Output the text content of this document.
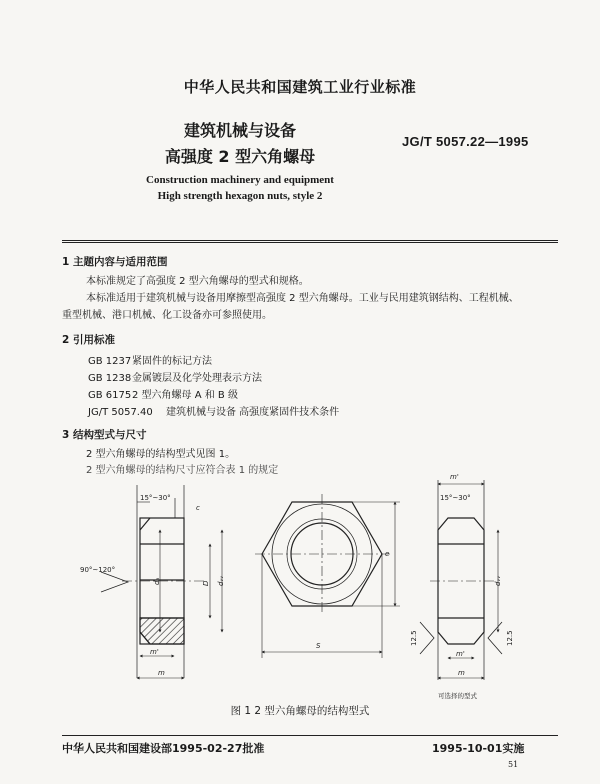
中华人民共和国建筑工业行业标准
建筑机械与设备
高强度 2 型六角螺母
JG/T 5057.22—1995
Construction machinery and equipment
High strength hexagon nuts, style 2
1 主题内容与适用范围
本标准规定了高强度 2 型六角螺母的型式和规格。
本标准适用于建筑机械与设备用摩擦型高强度 2 型六角螺母。工业与民用建筑钢结构、工程机械、
重型机械、港口机械、化工设备亦可参照使用。
2 引用标准
GB 1237紧固件的标记方法
GB 1238金属镀层及化学处理表示方法
GB 61752 型六角螺母 A 和 B 级
JG/T 5057.40 建筑机械与设备 高强度紧固件技术条件
3 结构型式与尺寸
2 型六角螺母的结构型式见图 1。
2 型六角螺母的结构尺寸应符合表 1 的规定
15°~30°
c
90°~120°
dₐ	D dᵥᵥ
m'
m
S
e
m'
15°~30°
dᵥᵥ
12.5	12.5
m'
m
可选择的型式
图 1 2 型六角螺母的结构型式
中华人民共和国建设部1995-02-27批准	1995-10-01实施
51
